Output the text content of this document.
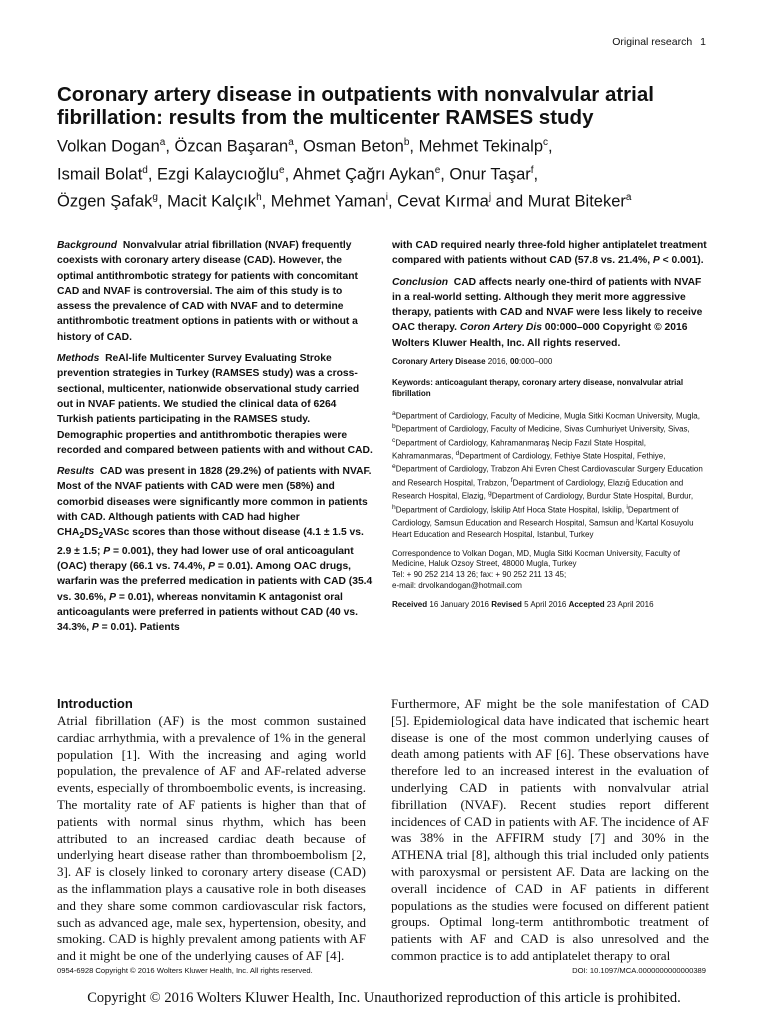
Original research 1
Coronary artery disease in outpatients with nonvalvular atrial fibrillation: results from the multicenter RAMSES study

Volkan Dogan$^a$, Özcan Başaran$^a$, Osman Beton$^b$, Mehmet Tekinalp$^c$,
Ismail Bolat$^d$, Ezgi Kalaycıoğlu$^e$, Ahmet Çağrı Aykan$^e$, Onur Taşar$^f$,
Özgen Şafak$^g$, Macit Kalçık$^h$, Mehmet Yaman$^i$, Cevat Kırma$^j$ and Murat Biteker$^a$

Background Nonvalvular atrial fibrillation (NVAF) frequently coexists with coronary artery disease (CAD). However, the optimal antithrombotic strategy for patients with concomitant CAD and NVAF is controversial. The aim of this study is to assess the prevalence of CAD with NVAF and to determine antithrombotic treatment options in patients with or without a history of CAD.

Methods ReAl-life Multicenter Survey Evaluating Stroke prevention strategies in Turkey (RAMSES study) was a cross-sectional, multicenter, nationwide observational study carried out in NVAF patients. We studied the clinical data of 6264 Turkish patients participating in the RAMSES study. Demographic properties and antithrombotic therapies were recorded and compared between patients with and without CAD.

Results CAD was present in 1828 (29.2%) of patients with NVAF. Most of the NVAF patients with CAD were men (58%) and comorbid diseases were significantly more common in patients with CAD. Although patients with CAD had higher $CHA_2DS_2VASc$ scores than those without disease (4.1 ± 1.5 vs. 2.9 ± 1.5; P = 0.001), they had lower use of oral anticoagulant (OAC) therapy (66.1 vs. 74.4%, P = 0.01). Among OAC drugs, warfarin was the preferred medication in patients with CAD (35.4 vs. 30.6%, P = 0.01), whereas nonvitamin K antagonist oral anticoagulants were preferred in patients without CAD (40 vs. 34.3%, P = 0.01). Patients

with CAD required nearly three-fold higher antiplatelet treatment compared with patients without CAD (57.8 vs. 21.4%, P < 0.001).

Conclusion CAD affects nearly one-third of patients with NVAF in a real-world setting. Although they merit more aggressive therapy, patients with CAD and NVAF were less likely to receive OAC therapy. Coron Artery Dis 00:000–000 Copyright © 2016 Wolters Kluwer Health, Inc. All rights reserved.

Coronary Artery Disease 2016, 00:000–000

Keywords: anticoagulant therapy, coronary artery disease, nonvalvular atrial fibrillation

$^a$Department of Cardiology, Faculty of Medicine, Mugla Sitki Kocman University, Mugla, $^b$Department of Cardiology, Faculty of Medicine, Sivas Cumhuriyet University, Sivas, $^c$Department of Cardiology, Kahramanmaraş Necip Fazıl State Hospital, Kahramanmaras, $^d$Department of Cardiology, Fethiye State Hospital, Fethiye, $^e$Department of Cardiology, Trabzon Ahi Evren Chest Cardiovascular Surgery Education and Research Hospital, Trabzon, $^f$Department of Cardiology, Elazığ Education and Research Hospital, Elazig, $^g$Department of Cardiology, Burdur State Hospital, Burdur, $^h$Department of Cardiology, İskilip Atıf Hoca State Hospital, Iskilip, $^i$Department of Cardiology, Samsun Education and Research Hospital, Samsun and $^j$Kartal Kosuyolu Heart Education and Research Hospital, Istanbul, Turkey

Correspondence to Volkan Dogan, MD, Mugla Sitki Kocman University, Faculty of Medicine, Haluk Ozsoy Street, 48000 Mugla, Turkey
Tel: + 90 252 214 13 26; fax: + 90 252 211 13 45;
e-mail: drvolkandogan@hotmail.com

Received 16 January 2016 Revised 5 April 2016 Accepted 23 April 2016

Introduction

Atrial fibrillation (AF) is the most common sustained cardiac arrhythmia, with a prevalence of 1% in the general population [1]. With the increasing and aging world population, the prevalence of AF and AF-related adverse events, especially of thromboembolic events, is increasing. The mortality rate of AF patients is higher than that of patients with normal sinus rhythm, which has been attributed to an increased cardiac death because of underlying heart disease rather than thromboembolism [2, 3]. AF is closely linked to coronary artery disease (CAD) as the inflammation plays a causative role in both diseases and they share some common cardiovascular risk factors, such as advanced age, male sex, hypertension, obesity, and smoking. CAD is highly prevalent among patients with AF and it might be one of the underlying causes of AF [4].

Furthermore, AF might be the sole manifestation of CAD [5]. Epidemiological data have indicated that ischemic heart disease is one of the most common underlying causes of death among patients with AF [6]. These observations have therefore led to an increased interest in the evaluation of underlying CAD in patients with nonvalvular atrial fibrillation (NVAF). Recent studies report different incidences of CAD in patients with AF. The incidence of AF was 38% in the AFFIRM study [7] and 30% in the ATHENA trial [8], although this trial included only patients with paroxysmal or persistent AF. Data are lacking on the overall incidence of CAD in AF patients in different populations as the studies were focused on different patient groups. Optimal long-term antithrombotic treatment of patients with AF and CAD is also unresolved and the common practice is to add antiplatelet therapy to oral

0954-6928 Copyright © 2016 Wolters Kluwer Health, Inc. All rights reserved.	DOI: 10.1097/MCA.0000000000000389
Copyright © 2016 Wolters Kluwer Health, Inc. Unauthorized reproduction of this article is prohibited.
